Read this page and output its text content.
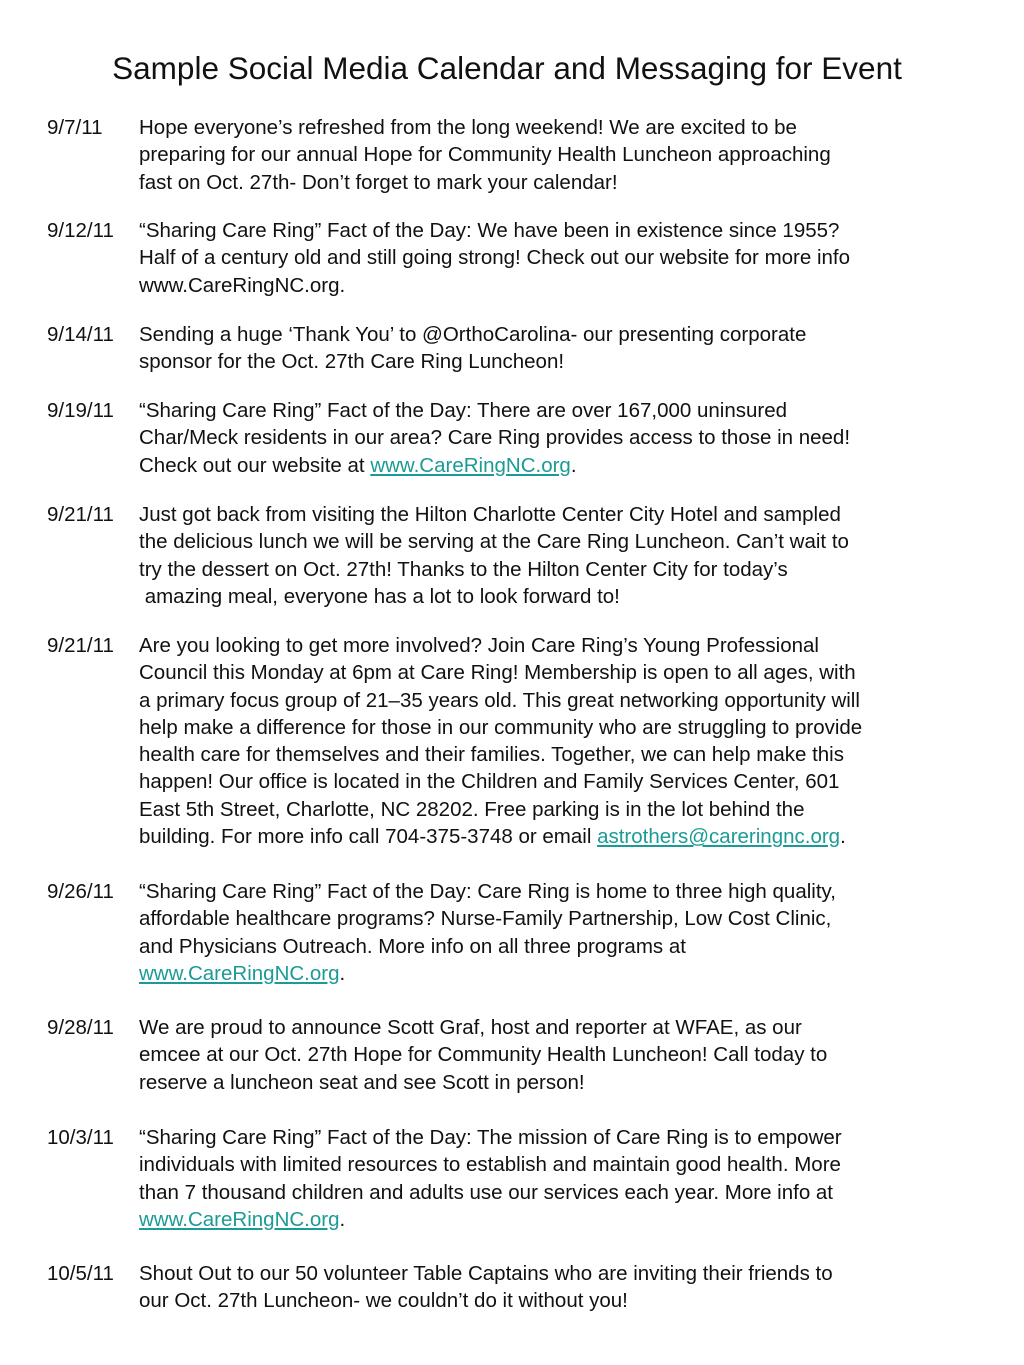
Sample Social Media Calendar and Messaging for Event
9/7/11 Hope everyone’s refreshed from the long weekend! We are excited to be
preparing for our annual Hope for Community Health Luncheon approaching
fast on Oct. 27th- Don’t forget to mark your calendar!
9/12/11 “Sharing Care Ring” Fact of the Day: We have been in existence since 1955?
Half of a century old and still going strong! Check out our website for more info
www.CareRingNC.org.
9/14/11 Sending a huge ‘Thank You’ to @OrthoCarolina- our presenting corporate
sponsor for the Oct. 27th Care Ring Luncheon!
9/19/11 “Sharing Care Ring” Fact of the Day: There are over 167,000 uninsured
Char/Meck residents in our area? Care Ring provides access to those in need!
Check out our website at www.CareRingNC.org.
9/21/11 Just got back from visiting the Hilton Charlotte Center City Hotel and sampled
the delicious lunch we will be serving at the Care Ring Luncheon. Can’t wait to
try the dessert on Oct. 27th! Thanks to the Hilton Center City for today’s
amazing meal, everyone has a lot to look forward to!
9/21/11 Are you looking to get more involved? Join Care Ring’s Young Professional
Council this Monday at 6pm at Care Ring! Membership is open to all ages, with
a primary focus group of 21–35 years old. This great networking opportunity will
help make a difference for those in our community who are struggling to provide
health care for themselves and their families. Together, we can help make this
happen! Our office is located in the Children and Family Services Center, 601
East 5th Street, Charlotte, NC 28202. Free parking is in the lot behind the
building. For more info call 704-375-3748 or email astrothers@careringnc.org.
9/26/11 “Sharing Care Ring” Fact of the Day: Care Ring is home to three high quality,
affordable healthcare programs? Nurse-Family Partnership, Low Cost Clinic,
and Physicians Outreach. More info on all three programs at
www.CareRingNC.org.
9/28/11 We are proud to announce Scott Graf, host and reporter at WFAE, as our
emcee at our Oct. 27th Hope for Community Health Luncheon! Call today to
reserve a luncheon seat and see Scott in person!
10/3/11 “Sharing Care Ring” Fact of the Day: The mission of Care Ring is to empower
individuals with limited resources to establish and maintain good health. More
than 7 thousand children and adults use our services each year. More info at
www.CareRingNC.org.
10/5/11 Shout Out to our 50 volunteer Table Captains who are inviting their friends to
our Oct. 27th Luncheon- we couldn’t do it without you!
